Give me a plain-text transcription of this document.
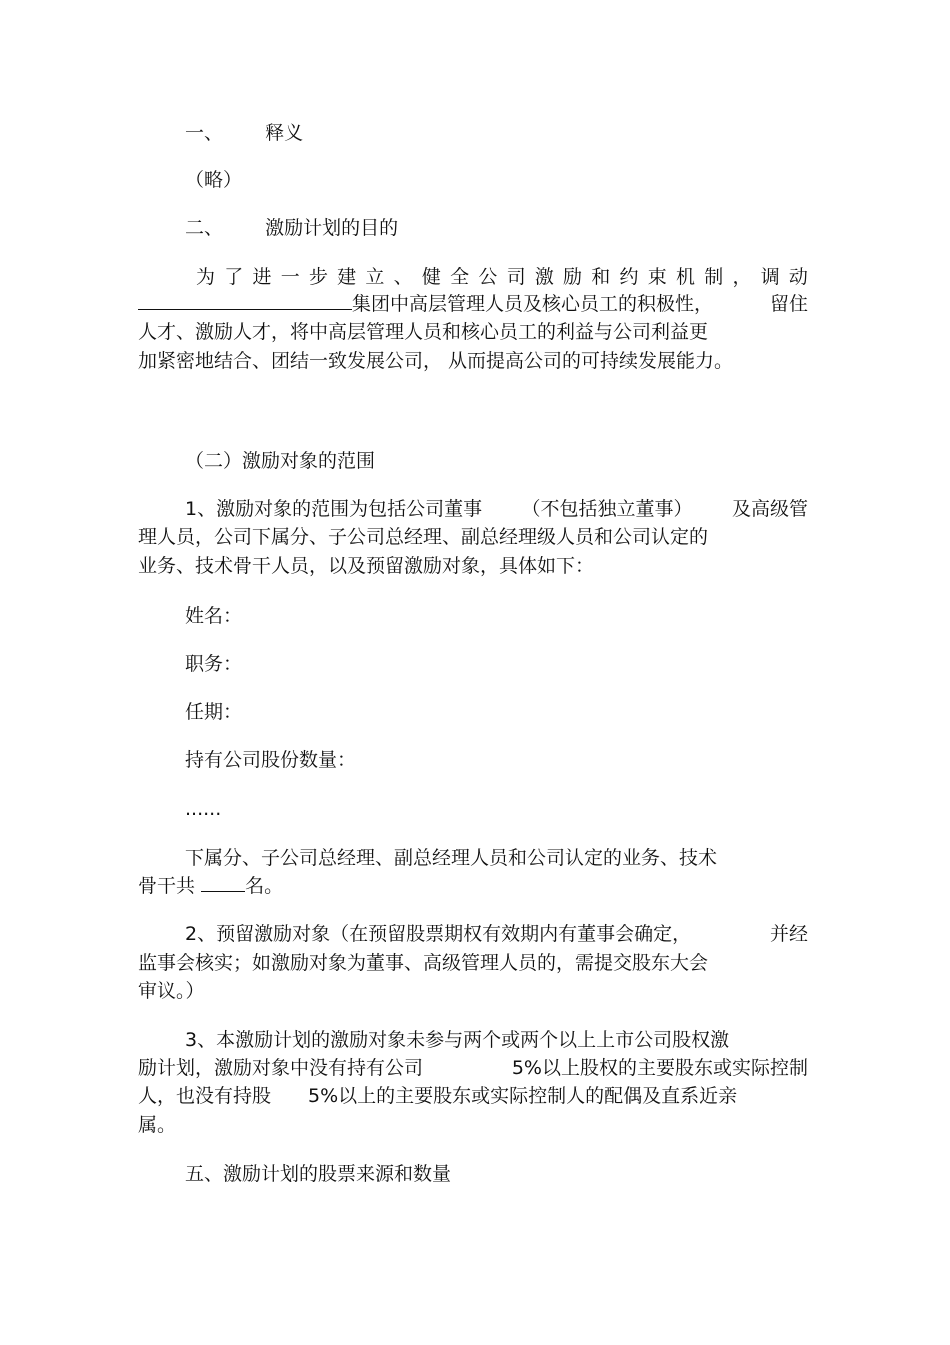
一、 释义
（略）
二、 激励计划的目的
为 了 进 一 步 建 立 、 健 全 公 司 激 励 和 约 束 机 制 ， 调 动
集团中高层管理人员及核心员工的积极性，	留住
人才、激励人才，将中高层管理人员和核心员工的利益与公司利益更
加紧密地结合、团结一致发展公司， 从而提高公司的可持续发展能力。
（二）激励对象的范围
1、激励对象的范围为包括公司董事 （不包括独立董事） 及高级管
理人员，公司下属分、子公司总经理、副总经理级人员和公司认定的
业务、技术骨干人员，以及预留激励对象，具体如下：
姓名：
职务：
任期：
持有公司股份数量：
......
下属分、子公司总经理、副总经理人员和公司认定的业务、技术
骨干共	名。
2、预留激励对象（在预留股票期权有效期内有董事会确定，	并经
监事会核实；如激励对象为董事、高级管理人员的，需提交股东大会
审议。）
3、本激励计划的激励对象未参与两个或两个以上上市公司股权激
励计划，激励对象中没有持有公司	5%以上股权的主要股东或实际控制
人，也没有持股 5%以上的主要股东或实际控制人的配偶及直系近亲
属。
五、激励计划的股票来源和数量
